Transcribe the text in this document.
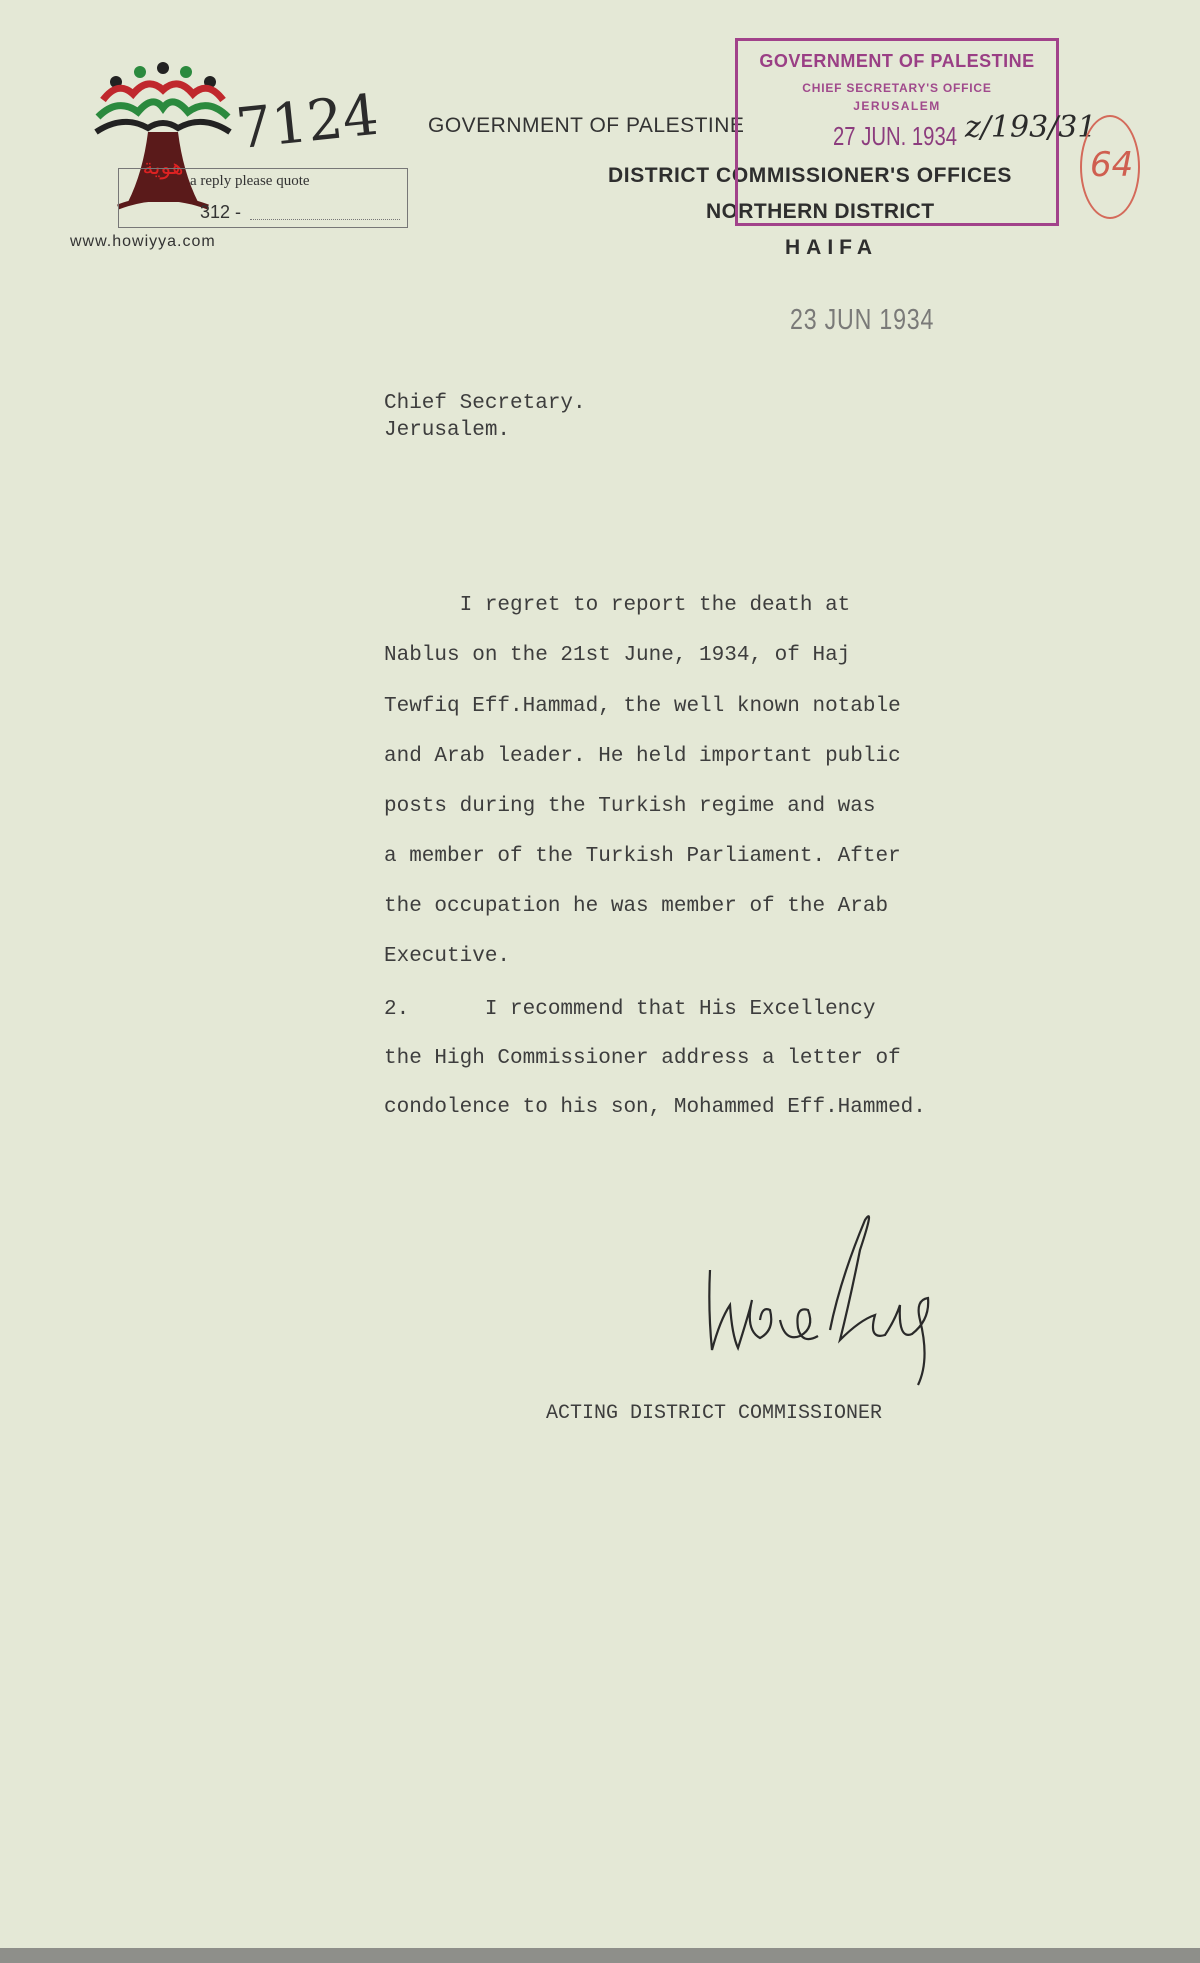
هوية
www.howiyya.com
7124
a reply please quote
312 -
GOVERNMENT OF PALESTINE
DISTRICT COMMISSIONER'S OFFICES
NORTHERN DISTRICT
HAIFA
23 JUN 1934
GOVERNMENT OF PALESTINE
CHIEF SECRETARY'S OFFICE
JERUSALEM
27 JUN. 1934 z/193/31
64
Chief Secretary.
Jerusalem.
I regret to report the death at
Nablus on the 21st June, 1934, of Haj
Tewfiq Eff.Hammad, the well known notable
and Arab leader. He held important public
posts during the Turkish regime and was
a member of the Turkish Parliament. After
the occupation he was member of the Arab
Executive.
2.      I recommend that His Excellency
the High Commissioner address a letter of
condolence to his son, Mohammed Eff.Hammed.
ACTING DISTRICT COMMISSIONER
